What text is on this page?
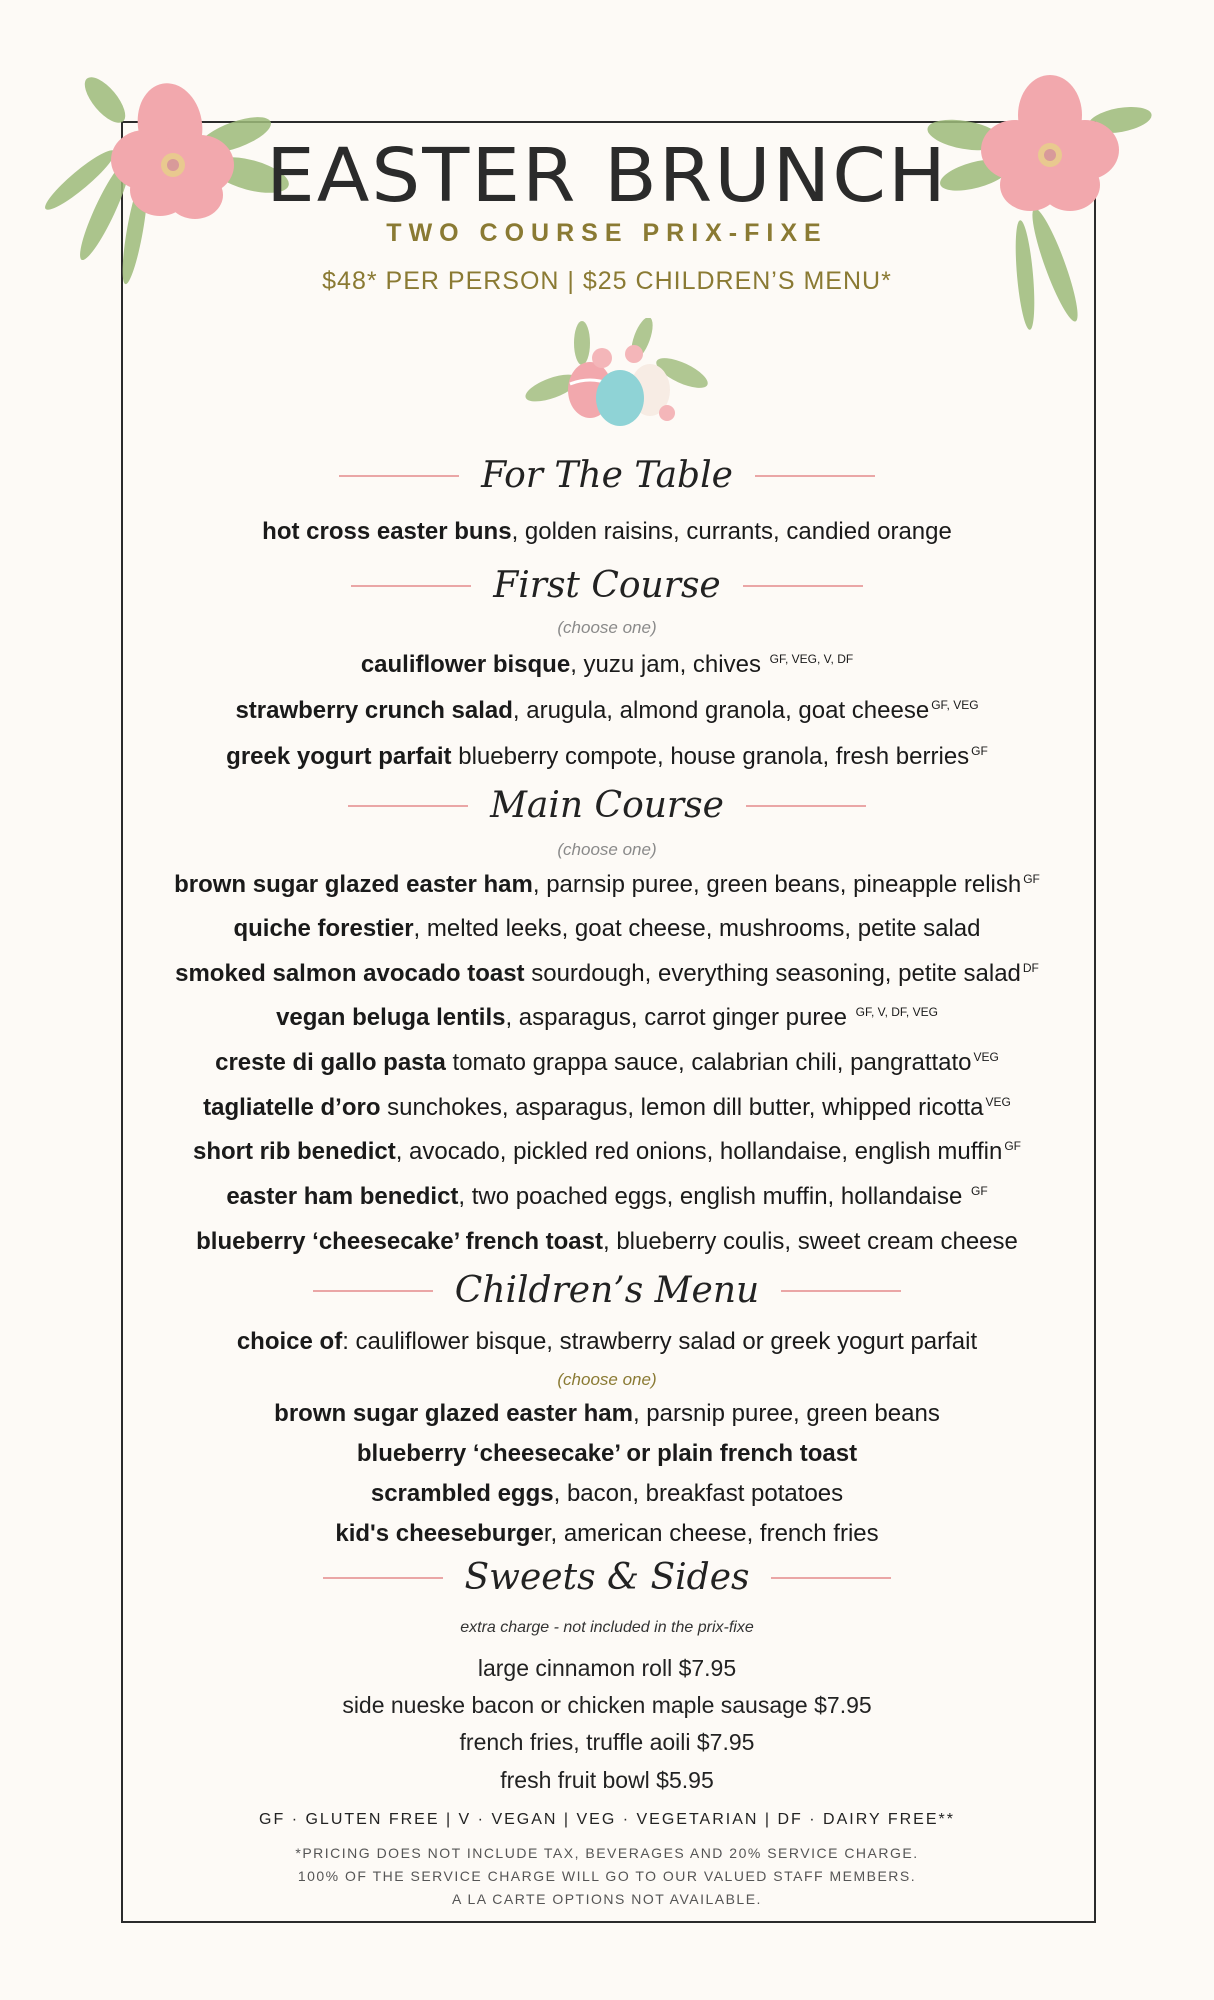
EASTER BRUNCH
TWO COURSE PRIX-FIXE
$48* PER PERSON | $25 CHILDREN’S MENU*
For The Table
hot cross easter buns, golden raisins, currants, candied orange
First Course
(choose one)
cauliflower bisque, yuzu jam, chives $^{GF, VEG, V, DF}$
strawberry crunch salad, arugula, almond granola, goat cheese $^{GF, VEG}$
greek yogurt parfait blueberry compote, house granola, fresh berries $^{GF}$
Main Course
(choose one)
brown sugar glazed easter ham, parnsip puree, green beans, pineapple relish $^{GF}$
quiche forestier, melted leeks, goat cheese, mushrooms, petite salad
smoked salmon avocado toast sourdough, everything seasoning, petite salad $^{DF}$
vegan beluga lentils, asparagus, carrot ginger puree $^{GF, V, DF, VEG}$
creste di gallo pasta tomato grappa sauce, calabrian chili, pangrattato $^{VEG}$
tagliatelle d’oro sunchokes, asparagus, lemon dill butter, whipped ricotta $^{VEG}$
short rib benedict, avocado, pickled red onions, hollandaise, english muffin $^{GF}$
easter ham benedict, two poached eggs, english muffin, hollandaise $^{GF}$
blueberry ‘cheesecake’ french toast, blueberry coulis, sweet cream cheese
Children’s Menu
choice of: cauliflower bisque, strawberry salad or greek yogurt parfait
(choose one)
brown sugar glazed easter ham, parsnip puree, green beans
blueberry ‘cheesecake’ or plain french toast
scrambled eggs, bacon, breakfast potatoes
kid's cheeseburger, american cheese, french fries
Sweets & Sides
extra charge - not included in the prix-fixe
large cinnamon roll $7.95
side nueske bacon or chicken maple sausage $7.95
french fries, truffle aoili $7.95
fresh fruit bowl $5.95
GF · GLUTEN FREE | V · VEGAN | VEG · VEGETARIAN | DF · DAIRY FREE**
*PRICING DOES NOT INCLUDE TAX, BEVERAGES AND 20% SERVICE CHARGE.
100% OF THE SERVICE CHARGE WILL GO TO OUR VALUED STAFF MEMBERS.
A LA CARTE OPTIONS NOT AVAILABLE.
